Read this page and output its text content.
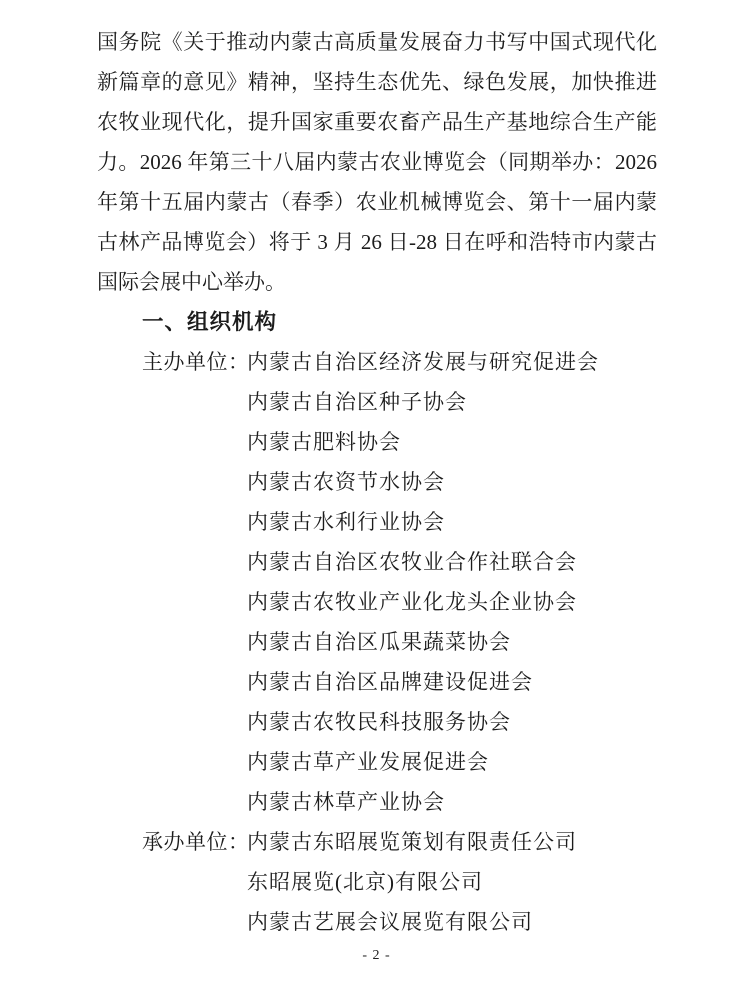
国务院《关于推动内蒙古高质量发展奋力书写中国式现代化
新篇章的意见》精神，坚持生态优先、绿色发展，加快推进
农牧业现代化，提升国家重要农畜产品生产基地综合生产能
力。2026 年第三十八届内蒙古农业博览会（同期举办：2026
年第十五届内蒙古（春季）农业机械博览会、第十一届内蒙
古林产品博览会）将于 3 月 26 日-28 日在呼和浩特市内蒙古
国际会展中心举办。
一、组织机构
主办单位：
内蒙古自治区经济发展与研究促进会
内蒙古自治区种子协会
内蒙古肥料协会
内蒙古农资节水协会
内蒙古水利行业协会
内蒙古自治区农牧业合作社联合会
内蒙古农牧业产业化龙头企业协会
内蒙古自治区瓜果蔬菜协会
内蒙古自治区品牌建设促进会
内蒙古农牧民科技服务协会
内蒙古草产业发展促进会
内蒙古林草产业协会
承办单位：
内蒙古东昭展览策划有限责任公司
东昭展览(北京)有限公司
内蒙古艺展会议展览有限公司
- 2 -
